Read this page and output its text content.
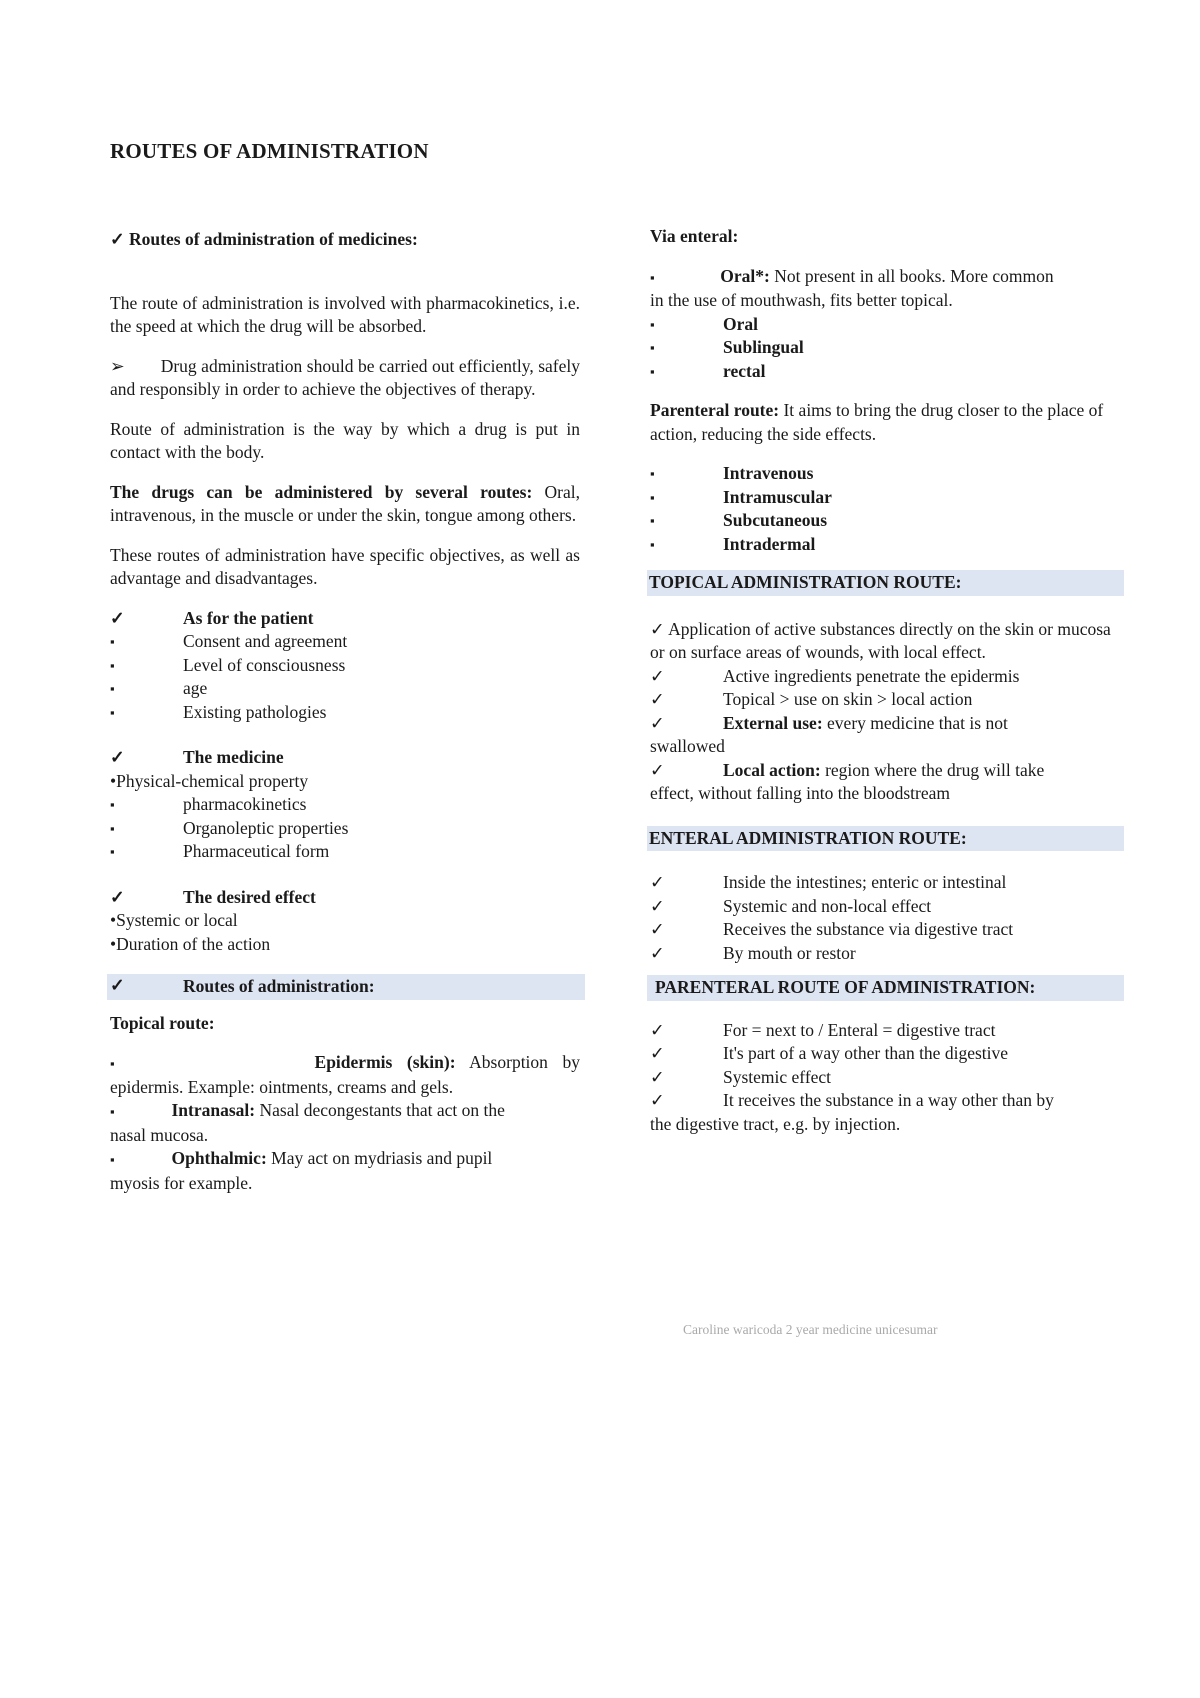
ROUTES OF ADMINISTRATION

✓ Routes of administration of medicines:

The route of administration is involved with pharmacokinetics, i.e. the speed at which the drug will be absorbed.

➢ Drug administration should be carried out efficiently, safely and responsibly in order to achieve the objectives of therapy.

Route of administration is the way by which a drug is put in contact with the body.

The drugs can be administered by several routes: Oral, intravenous, in the muscle or under the skin, tongue among others.

These routes of administration have specific objectives, as well as advantage and disadvantages.

✓	As for the patient
▪	Consent and agreement
▪	Level of consciousness
▪	age
▪	Existing pathologies
✓	The medicine

•Physical-chemical property

▪	pharmacokinetics
▪	Organoleptic properties
▪	Pharmaceutical form
✓	The desired effect

•Systemic or local

•Duration of the action

✓	Routes of administration:

Topical route:

▪	Epidermis (skin): Absorption by

epidermis. Example: ointments, creams and gels.

▪	Intranasal: Nasal decongestants that act on the

nasal mucosa.

▪	Ophthalmic: May act on mydriasis and pupil

myosis for example.

Via enteral:

▪	Oral*: Not present in all books. More common

in the use of mouthwash, fits better topical.

▪	Oral
▪	Sublingual
▪	rectal

Parenteral route: It aims to bring the drug closer to the place of action, reducing the side effects.

▪	Intravenous
▪	Intramuscular
▪	Subcutaneous
▪	Intradermal
TOPICAL ADMINISTRATION ROUTE:

✓ Application of active substances directly on the skin or mucosa or on surface areas of wounds, with local effect.

✓	Active ingredients penetrate the epidermis
✓	Topical > use on skin > local action
✓	External use: every medicine that is not

swallowed

✓	Local action: region where the drug will take

effect, without falling into the bloodstream

ENTERAL ADMINISTRATION ROUTE:
✓	Inside the intestines; enteric or intestinal
✓	Systemic and non-local effect
✓	Receives the substance via digestive tract
✓	By mouth or restor
PARENTERAL ROUTE OF ADMINISTRATION:
✓	For = next to / Enteral = digestive tract
✓	It's part of a way other than the digestive
✓	Systemic effect
✓	It receives the substance in a way other than by

the digestive tract, e.g. by injection.

Caroline waricoda 2 year medicine unicesumar
